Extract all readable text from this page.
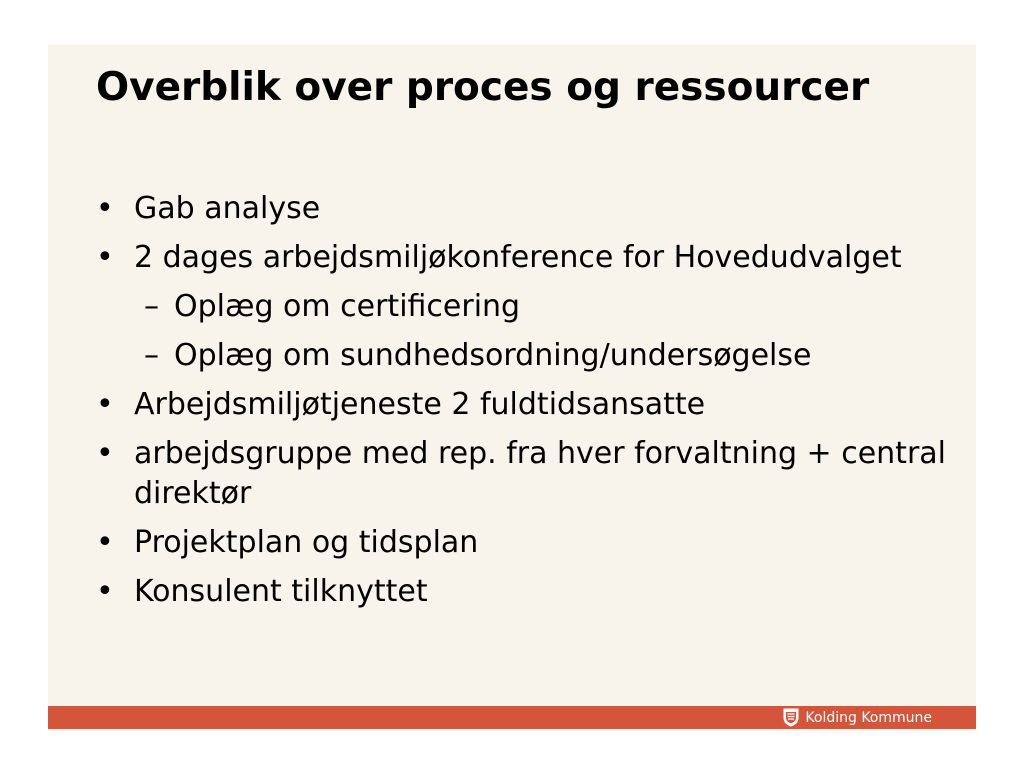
Overblik over proces og ressourcer
• Gab analyse
• 2 dages arbejdsmiljøkonference for Hovedudvalget
– Oplæg om certificering
– Oplæg om sundhedsordning/undersøgelse
• Arbejdsmiljøtjeneste 2 fuldtidsansatte
• arbejdsgruppe med rep. fra hver forvaltning + central direktør
• Projektplan og tidsplan
• Konsulent tilknyttet
Kolding Kommune
